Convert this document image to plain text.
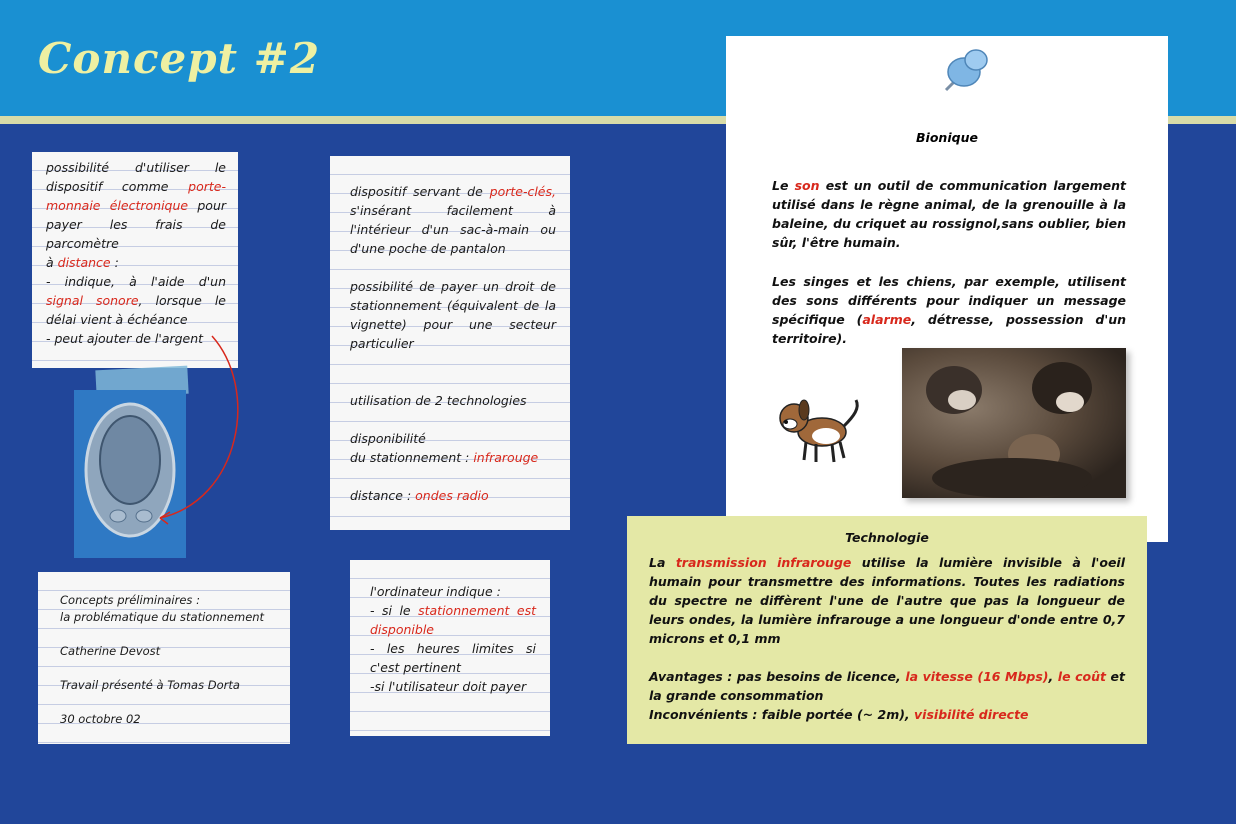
Concept #2
possibilité d'utiliser le dispositif comme porte-monnaie électronique pour payer les frais de parcomètre
à distance :
- indique, à l'aide d'un signal sonore, lorsque le délai vient à échéance
- peut ajouter de l'argent
dispositif servant de porte-clés, s'insérant facilement à l'intérieur d'un sac-à-main ou d'une poche de pantalon
possibilité de payer un droit de stationnement (équivalent de la vignette) pour une secteur particulier
utilisation de 2 technologies
disponibilité
du stationnement : infrarouge
distance : ondes radio
Concepts préliminaires :
la problématique du stationnement
Catherine Devost
Travail présenté à Tomas Dorta
30 octobre 02
l'ordinateur indique :
- si le stationnement est disponible
- les heures limites si c'est pertinent
-si l'utilisateur doit payer
Bionique
Le son est un outil de communication largement utilisé dans le règne animal, de la grenouille à la baleine, du criquet au rossignol,sans oublier, bien sûr, l'être humain.
Les singes et les chiens, par exemple, utilisent des sons différents pour indiquer un message spécifique (alarme, détresse, possession d'un territoire).
Technologie
La transmission infrarouge utilise la lumière invisible à l'oeil humain pour transmettre des informations. Toutes les radiations du spectre ne diffèrent l'une de l'autre que pas la longueur de leurs ondes, la lumière infrarouge a une longueur d'onde entre 0,7 microns et 0,1 mm
Avantages : pas besoins de licence, la vitesse (16 Mbps), le coût et la grande consommation
Inconvénients : faible portée (~ 2m), visibilité directe
